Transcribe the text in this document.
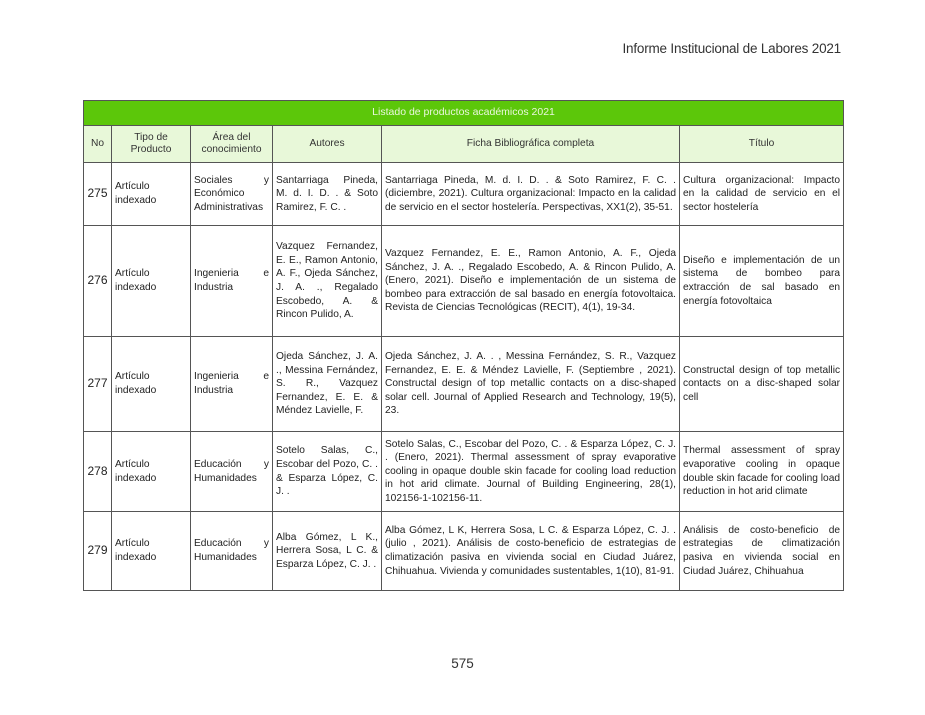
Informe Institucional de Labores 2021
Listado de productos académicos 2021					
No	Tipo de Producto	Área del conocimiento	Autores	Ficha Bibliográfica completa	Título
275	Artículo indexado	Sociales y Económico Administrativas	Santarriaga Pineda, M. d. I. D. . & Soto Ramirez, F. C. .	Santarriaga Pineda, M. d. I. D. . & Soto Ramirez, F. C. . (diciembre, 2021). Cultura organizacional: Impacto en la calidad de servicio en el sector hostelería. Perspectivas, XX1(2), 35-51.	Cultura organizacional: Impacto en la calidad de servicio en el sector hostelería
276	Artículo indexado	Ingenieria e Industria	Vazquez Fernandez, E. E., Ramon Antonio, A. F., Ojeda Sánchez, J. A. ., Regalado Escobedo, A. & Rincon Pulido, A.	Vazquez Fernandez, E. E., Ramon Antonio, A. F., Ojeda Sánchez, J. A. ., Regalado Escobedo, A. & Rincon Pulido, A. (Enero, 2021). Diseño e implementación de un sistema de bombeo para extracción de sal basado en energía fotovoltaica. Revista de Ciencias Tecnológicas (RECIT), 4(1), 19-34.	Diseño e implementación de un sistema de bombeo para extracción de sal basado en energía fotovoltaica
277	Artículo indexado	Ingenieria e Industria	Ojeda Sánchez, J. A. ., Messina Fernández, S. R., Vazquez Fernandez, E. E. & Méndez Lavielle, F.	Ojeda Sánchez, J. A. . , Messina Fernández, S. R., Vazquez Fernandez, E. E. & Méndez Lavielle, F. (Septiembre , 2021). Constructal design of top metallic contacts on a disc-shaped solar cell. Journal of Applied Research and Technology, 19(5), 23.	Constructal design of top metallic contacts on a disc-shaped solar cell
278	Artículo indexado	Educación y Humanidades	Sotelo Salas, C., Escobar del Pozo, C. . & Esparza López, C. J. .	Sotelo Salas, C., Escobar del Pozo, C. . & Esparza López, C. J. . (Enero, 2021). Thermal assessment of spray evaporative cooling in opaque double skin facade for cooling load reduction in hot arid climate. Journal of Building Engineering, 28(1), 102156-1-102156-11.	Thermal assessment of spray evaporative cooling in opaque double skin facade for cooling load reduction in hot arid climate
279	Artículo indexado	Educación y Humanidades	Alba Gómez, L K., Herrera Sosa, L C. & Esparza López, C. J. .	Alba Gómez, L K, Herrera Sosa, L C. & Esparza López, C. J. . (julio , 2021). Análisis de costo-beneficio de estrategias de climatización pasiva en vivienda social en Ciudad Juárez, Chihuahua. Vivienda y comunidades sustentables, 1(10), 81-91.	Análisis de costo-beneficio de estrategias de climatización pasiva en vivienda social en Ciudad Juárez, Chihuahua
575
